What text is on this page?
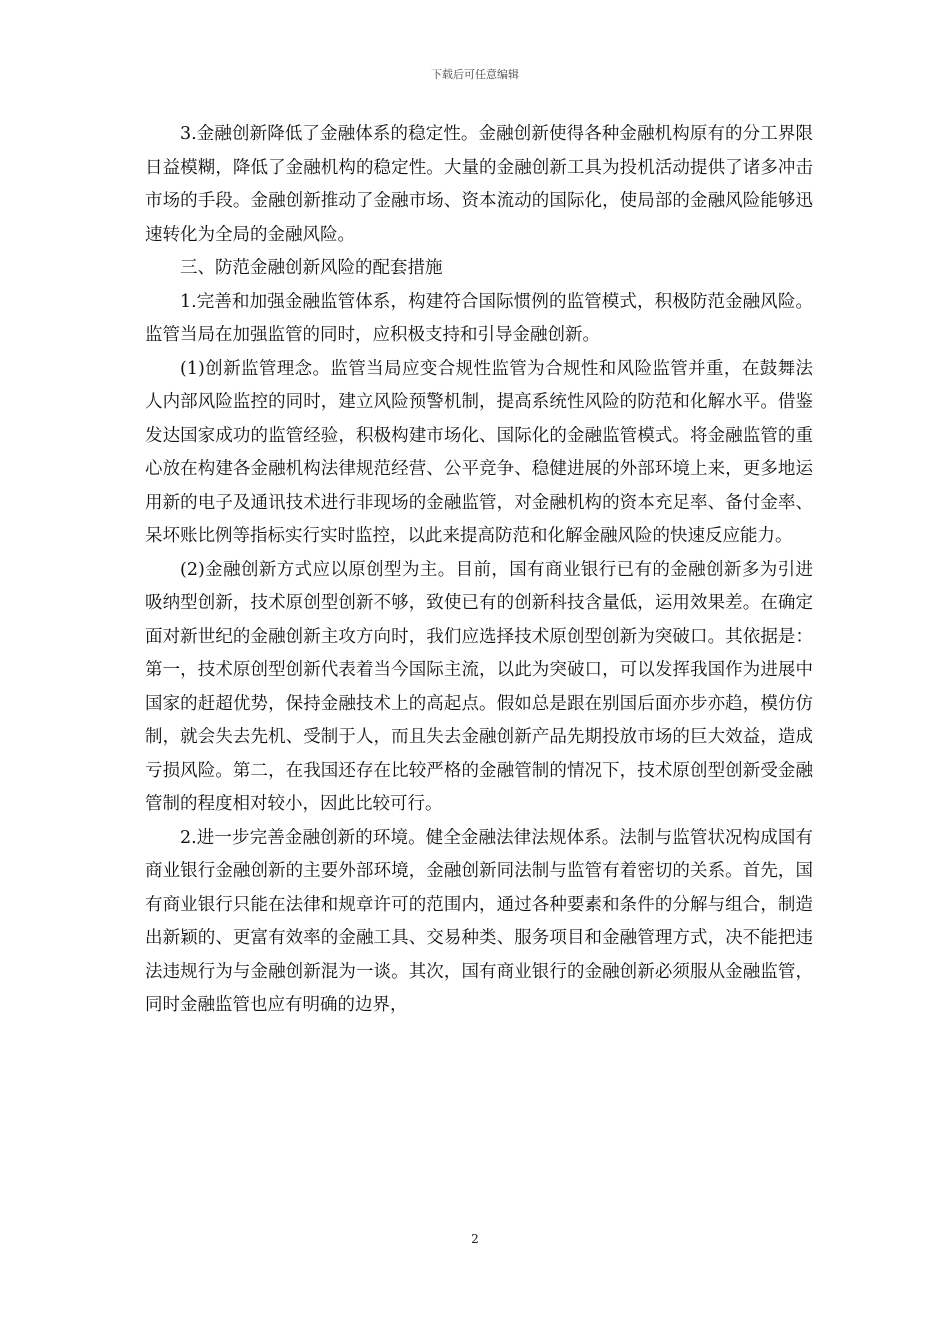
下载后可任意编辑

3.金融创新降低了金融体系的稳定性。金融创新使得各种金融机构原有的分工界限日益模糊，降低了金融机构的稳定性。大量的金融创新工具为投机活动提供了诸多冲击市场的手段。金融创新推动了金融市场、资本流动的国际化，使局部的金融风险能够迅速转化为全局的金融风险。

三、防范金融创新风险的配套措施

1.完善和加强金融监管体系，构建符合国际惯例的监管模式，积极防范金融风险。监管当局在加强监管的同时，应积极支持和引导金融创新。

(1)创新监管理念。监管当局应变合规性监管为合规性和风险监管并重，在鼓舞法人内部风险监控的同时，建立风险预警机制，提高系统性风险的防范和化解水平。借鉴发达国家成功的监管经验，积极构建市场化、国际化的金融监管模式。将金融监管的重心放在构建各金融机构法律规范经营、公平竞争、稳健进展的外部环境上来，更多地运用新的电子及通讯技术进行非现场的金融监管，对金融机构的资本充足率、备付金率、呆坏账比例等指标实行实时监控，以此来提高防范和化解金融风险的快速反应能力。

(2)金融创新方式应以原创型为主。目前，国有商业银行已有的金融创新多为引进吸纳型创新，技术原创型创新不够，致使已有的创新科技含量低，运用效果差。在确定面对新世纪的金融创新主攻方向时，我们应选择技术原创型创新为突破口。其依据是：第一，技术原创型创新代表着当今国际主流，以此为突破口，可以发挥我国作为进展中国家的赶超优势，保持金融技术上的高起点。假如总是跟在别国后面亦步亦趋，模仿仿制，就会失去先机、受制于人，而且失去金融创新产品先期投放市场的巨大效益，造成亏损风险。第二，在我国还存在比较严格的金融管制的情况下，技术原创型创新受金融管制的程度相对较小，因此比较可行。

2.进一步完善金融创新的环境。健全金融法律法规体系。法制与监管状况构成国有商业银行金融创新的主要外部环境，金融创新同法制与监管有着密切的关系。首先，国有商业银行只能在法律和规章许可的范围内，通过各种要素和条件的分解与组合，制造出新颖的、更富有效率的金融工具、交易种类、服务项目和金融管理方式，决不能把违法违规行为与金融创新混为一谈。其次，国有商业银行的金融创新必须服从金融监管，同时金融监管也应有明确的边界，

2
